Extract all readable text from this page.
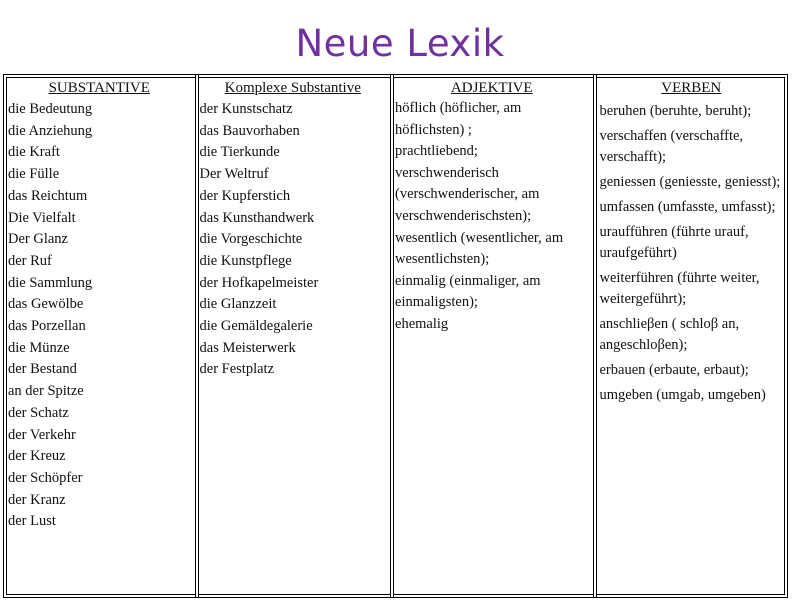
Neue Lexik
SUBSTANTIVE
die Bedeutung
die Anziehung
die Kraft
die Fülle
das Reichtum
Die Vielfalt
Der Glanz
der Ruf
die Sammlung
das Gewölbe
das Porzellan
die Münze
der Bestand
an der Spitze
der Schatz
der Verkehr
der Kreuz
der Schöpfer
der Kranz
der Lust
Komplexe Substantive
der Kunstschatz
das Bauvorhaben
die Tierkunde
Der Weltruf
der Kupferstich
das Kunsthandwerk
die Vorgeschichte
die Kunstpflege
der Hofkapelmeister
die Glanzzeit
die Gemäldegalerie
das Meisterwerk
der Festplatz
ADJEKTIVE
höflich (höflicher, am höflichsten) ;
prachtliebend;
verschwenderisch (verschwenderischer, am verschwenderischsten);
wesentlich (wesentlicher, am wesentlichsten);
einmalig (einmaliger, am einmaligsten);
ehemalig
VERBEN
beruhen (beruhte, beruht);
verschaffen (verschaffte, verschafft);
geniessen (geniesste, geniesst);
umfassen (umfasste, umfasst);
uraufführen (führte urauf, uraufgeführt)
weiterführen (führte weiter, weitergeführt);
anschlieβen ( schloβ an, angeschloβen);
erbauen (erbaute, erbaut);
umgeben (umgab, umgeben)
